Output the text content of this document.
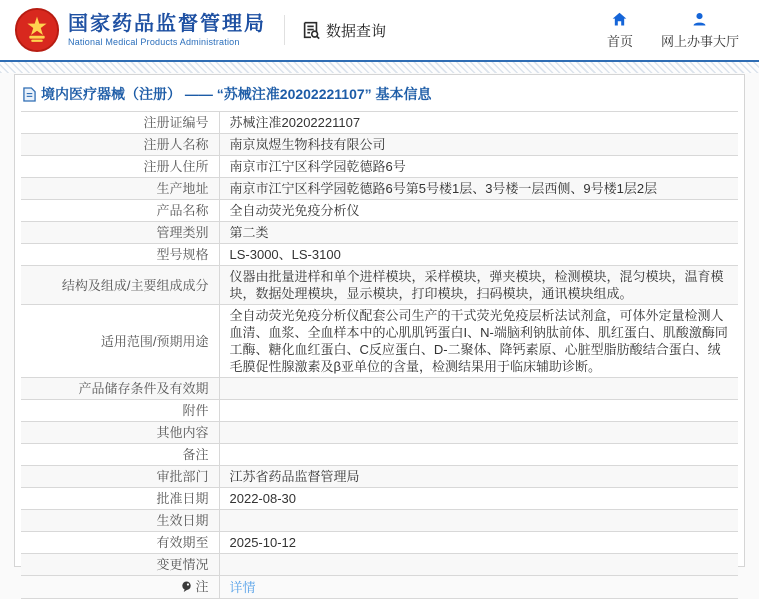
国家药品监督管理局
National Medical Products Administration
数据查询
首页 网上办事大厅
境内医疗器械（注册） —— “苏械注准20202221107” 基本信息
注册证编号	苏械注准20202221107

注册人名称	南京岚煜生物科技有限公司

注册人住所	南京市江宁区科学园乾德路6号

生产地址	南京市江宁区科学园乾德路6号第5号楼1层、3号楼一层西侧、9号楼1层2层

产品名称	全自动荧光免疫分析仪

管理类别	第二类

型号规格	LS-3000、LS-3100

结构及组成/主要组成成分	仪器由批量进样和单个进样模块，采样模块，弹夹模块，检测模块，混匀模块，温育模块，数据处理模块，显示模块，打印模块，扫码模块，通讯模块组成。

适用范围/预期用途	全自动荧光免疫分析仪配套公司生产的干式荧光免疫层析法试剂盒，可体外定量检测人血清、血浆、全血样本中的心肌肌钙蛋白I、N-端脑利钠肽前体、肌红蛋白、肌酸激酶同工酶、糖化血红蛋白、C反应蛋白、D-二聚体、降钙素原、心脏型脂肪酸结合蛋白、绒毛膜促性腺激素及β亚单位的含量，检测结果用于临床辅助诊断。

产品储存条件及有效期	

附件	

其他内容	

备注	

审批部门	江苏省药品监督管理局

批准日期	2022-08-30

生效日期	

有效期至	2025-10-12

变更情况	

注	详情
